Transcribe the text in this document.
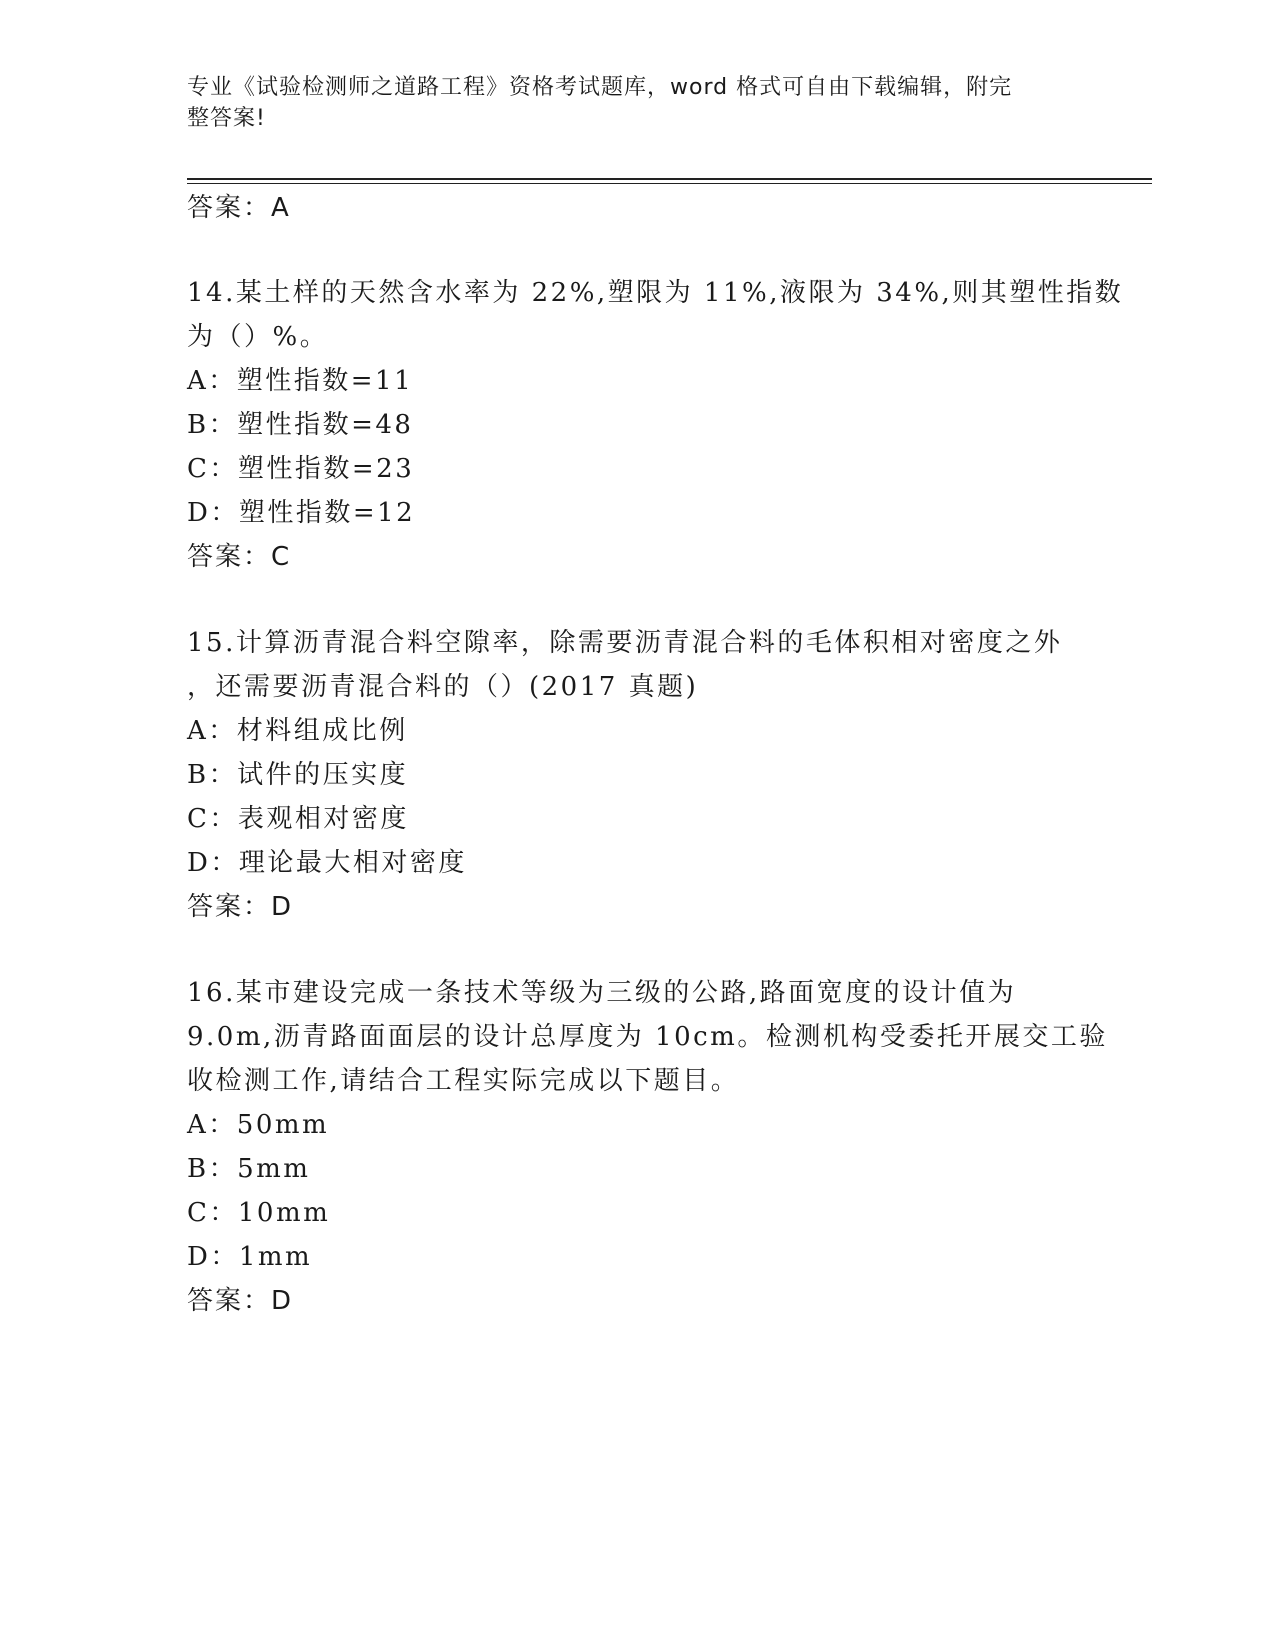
专业《试验检测师之道路工程》资格考试题库，word 格式可自由下载编辑，附完
整答案!
答案：A
14.某土样的天然含水率为 22%,塑限为 11%,液限为 34%,则其塑性指数
为（）%。
A：塑性指数=11
B：塑性指数=48
C：塑性指数=23
D：塑性指数=12
答案：C
15.计算沥青混合料空隙率，除需要沥青混合料的毛体积相对密度之外
，还需要沥青混合料的（）(2017 真题)
A：材料组成比例
B：试件的压实度
C：表观相对密度
D：理论最大相对密度
答案：D
16.某市建设完成一条技术等级为三级的公路,路面宽度的设计值为
9.0m,沥青路面面层的设计总厚度为 10cm。检测机构受委托开展交工验
收检测工作,请结合工程实际完成以下题目。
A：50mm
B：5mm
C：10mm
D：1mm
答案：D
